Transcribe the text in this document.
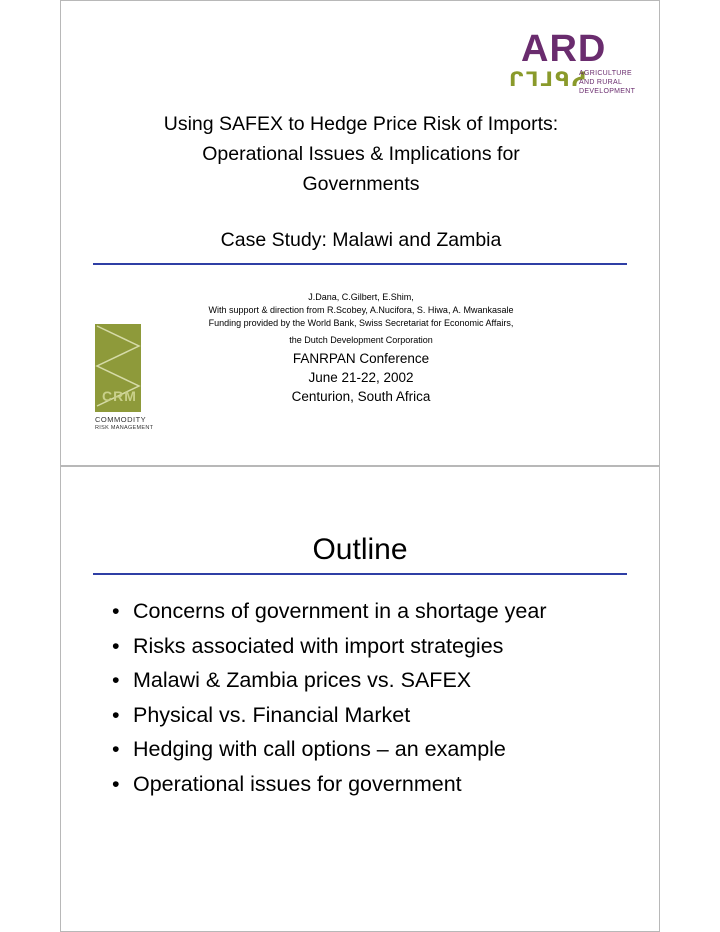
ARD
ᒋᒣᒧᑫᓱ
AGRICULTURE
AND RURAL
DEVELOPMENT
Using SAFEX to Hedge Price Risk of Imports:
Operational Issues & Implications for
Governments
Case Study: Malawi and Zambia
J.Dana, C.Gilbert, E.Shim,
With support & direction from R.Scobey, A.Nucifora, S. Hiwa, A. Mwankasale
Funding provided by the World Bank, Swiss Secretariat for Economic Affairs,
the Dutch Development Corporation
FANRPAN Conference
June 21-22, 2002
Centurion, South Africa
CRM
COMMODITY
RISK MANAGEMENT
Outline
• Concerns of government in a shortage year
• Risks associated with import strategies
• Malawi & Zambia prices vs. SAFEX
• Physical vs. Financial Market
• Hedging with call options – an example
• Operational issues for government
